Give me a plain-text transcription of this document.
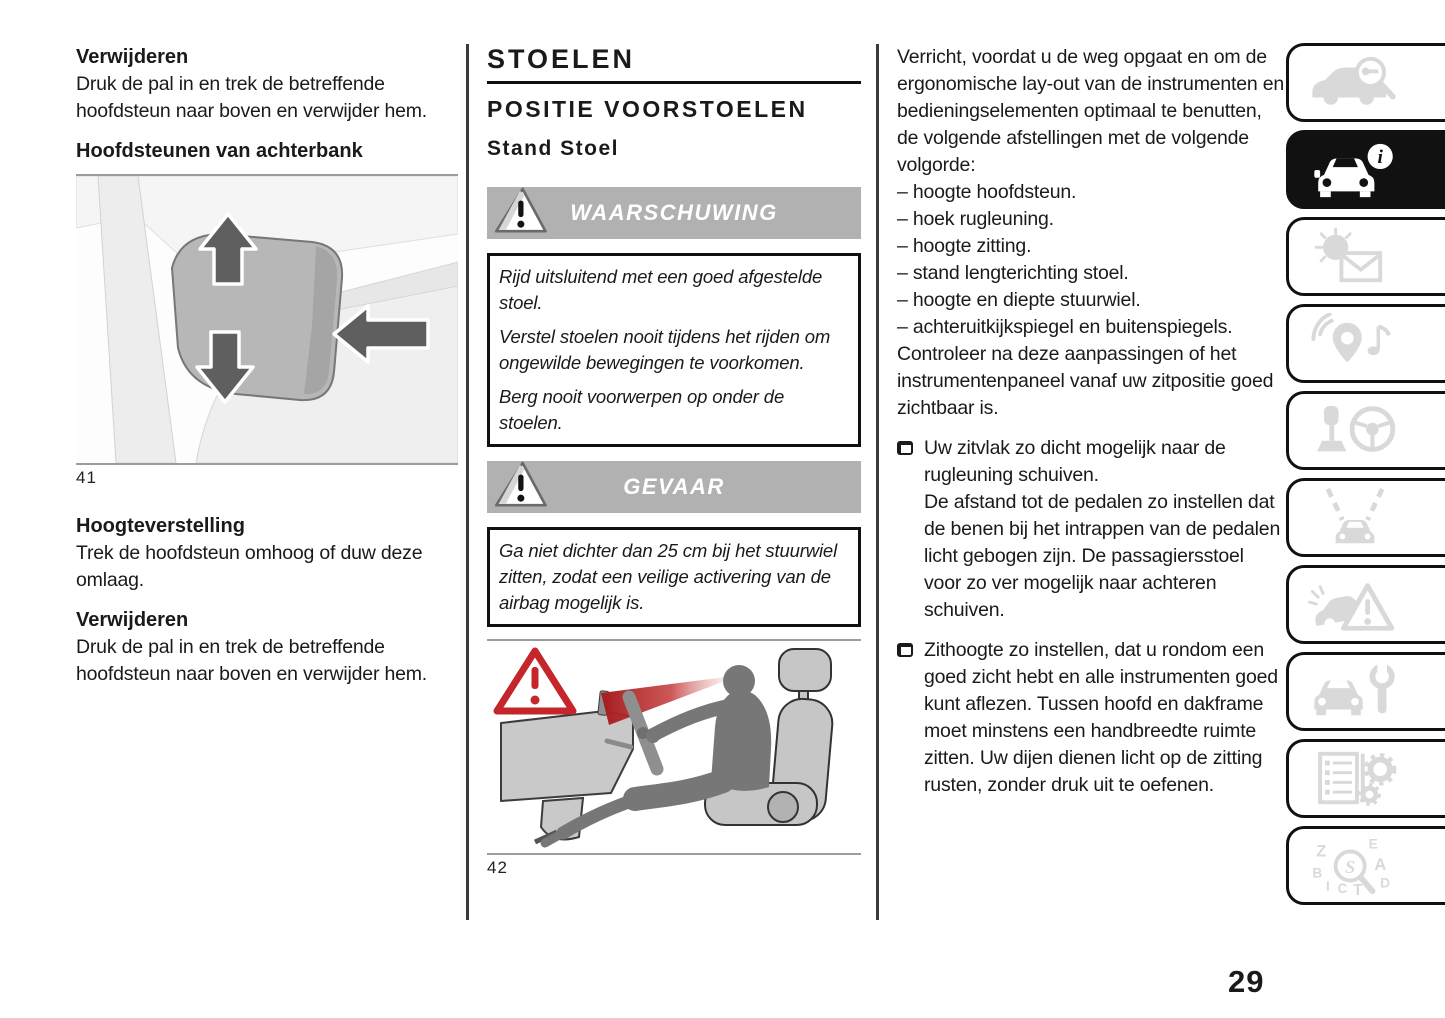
Verwijderen

Druk de pal in en trek de betreffende hoofdsteun naar boven en verwijder hem.

Hoofdsteunen van achterbank
41
Hoogteverstelling

Trek de hoofdsteun omhoog of duw deze omlaag.

Verwijderen

Druk de pal in en trek de betreffende hoofdsteun naar boven en verwijder hem.

STOELEN
POSITIE VOORSTOELEN
Stand Stoel
WAARSCHUWING

Rijd uitsluitend met een goed afgestelde stoel.

Verstel stoelen nooit tijdens het rijden om ongewilde bewegingen te voorkomen.

Berg nooit voorwerpen op onder de stoelen.

GEVAAR

Ga niet dichter dan 25 cm bij het stuurwiel zitten, zodat een veilige activering van de airbag mogelijk is.

42

Verricht, voordat u de weg opgaat en om de ergonomische lay-out van de instrumenten en bedieningselementen optimaal te benutten, de volgende afstellingen met de volgende volgorde:

– hoogte hoofdsteun.
– hoek rugleuning.
– hoogte zitting.
– stand lengterichting stoel.
– hoogte en diepte stuurwiel.
– achteruitkijkspiegel en buitenspiegels.

Controleer na deze aanpassingen of het instrumentenpaneel vanaf uw zitpositie goed zichtbaar is.

Uw zitvlak zo dicht mogelijk naar de rugleuning schuiven.
De afstand tot de pedalen zo instellen dat de benen bij het intrappen van de pedalen licht gebogen zijn. De passagiersstoel voor zo ver mogelijk naar achteren schuiven.
Zithoogte zo instellen, dat u rondom een goed zicht hebt en alle instrumenten goed kunt aflezen. Tussen hoofd en dakframe moet minstens een handbreedte ruimte zitten. Uw dijen dienen licht op de zitting rusten, zonder druk uit te oefenen.
i
Z	E
B	A
I C T D
S
29
